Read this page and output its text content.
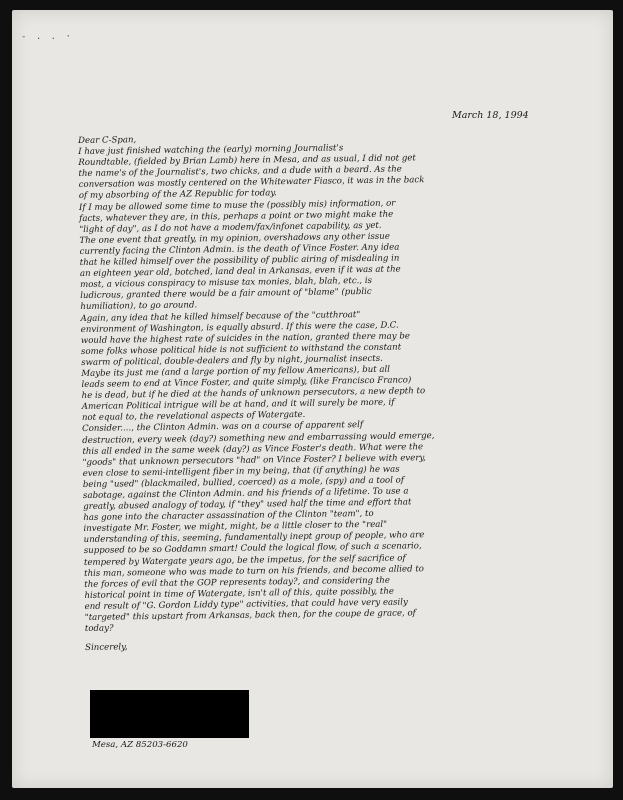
- . . ·
March 18, 1994
Dear C-Span,
I have just finished watching the (early) morning Journalist's
Roundtable, (fielded by Brian Lamb) here in Mesa, and as usual, I did not get
the name's of the Journalist's, two chicks, and a dude with a beard. As the
conversation was mostly centered on the Whitewater Fiasco, it was in the back
of my absorbing of the AZ Republic for today.
If I may be allowed some time to muse the (possibly mis) information, or
facts, whatever they are, in this, perhaps a point or two might make the
"light of day", as I do not have a modem/fax/infonet capability, as yet.
The one event that greatly, in my opinion, overshadows any other issue
currently facing the Clinton Admin. is the death of Vince Foster. Any idea
that he killed himself over the possibility of public airing of misdealing in
an eighteen year old, botched, land deal in Arkansas, even if it was at the
most, a vicious conspiracy to misuse tax monies, blah, blah, etc., is
ludicrous, granted there would be a fair amount of "blame" (public
humiliation), to go around.
Again, any idea that he killed himself because of the "cutthroat"
environment of Washington, is equally absurd. If this were the case, D.C.
would have the highest rate of suicides in the nation, granted there may be
some folks whose political hide is not sufficient to withstand the constant
swarm of political, double-dealers and fly by night, journalist insects.
Maybe its just me (and a large portion of my fellow Americans), but all
leads seem to end at Vince Foster, and quite simply, (like Francisco Franco)
he is dead, but if he died at the hands of unknown persecutors, a new depth to
American Political intrigue will be at hand, and it will surely be more, if
not equal to, the revelational aspects of Watergate.
Consider...., the Clinton Admin. was on a course of apparent self
destruction, every week (day?) something new and embarrassing would emerge,
this all ended in the same week (day?) as Vince Foster's death. What were the
"goods" that unknown persecutors "had" on Vince Foster? I believe with every,
even close to semi-intelligent fiber in my being, that (if anything) he was
being "used" (blackmailed, bullied, coerced) as a mole, (spy) and a tool of
sabotage, against the Clinton Admin. and his friends of a lifetime. To use a
greatly, abused analogy of today, if "they" used half the time and effort that
has gone into the character assassination of the Clinton "team", to
investigate Mr. Foster, we might, might, be a little closer to the "real"
understanding of this, seeming, fundamentally inept group of people, who are
supposed to be so Goddamn smart! Could the logical flow, of such a scenario,
tempered by Watergate years ago, be the impetus, for the self sacrifice of
this man, someone who was made to turn on his friends, and become allied to
the forces of evil that the GOP represents today?, and considering the
historical point in time of Watergate, isn't all of this, quite possibly, the
end result of "G. Gordon Liddy type" activities, that could have very easily
"targeted" this upstart from Arkansas, back then, for the coupe de grace, of
today?
Sincerely,
Mesa, AZ 85203-6620
